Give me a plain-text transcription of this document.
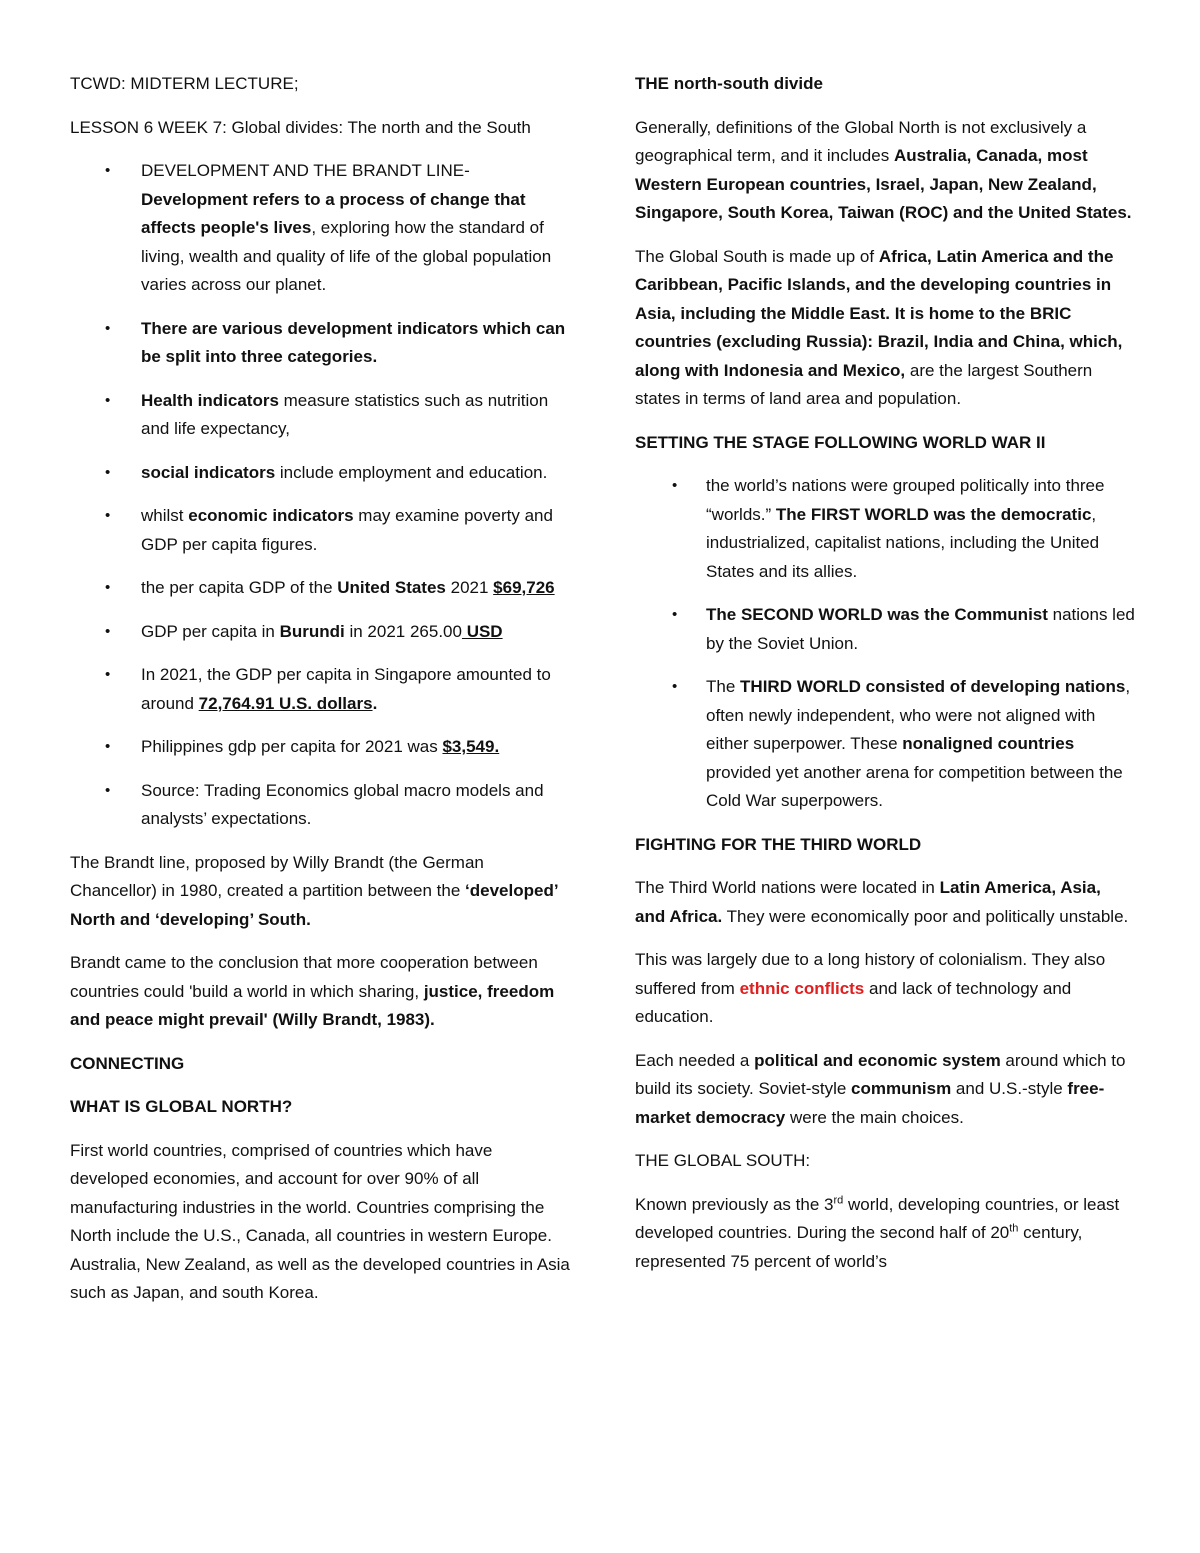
TCWD: MIDTERM LECTURE;

LESSON 6 WEEK 7: Global divides: The north and the South

• DEVELOPMENT AND THE BRANDT LINE- Development refers to a process of change that affects people's lives, exploring how the standard of living, wealth and quality of life of the global population varies across our planet.
• There are various development indicators which can be split into three categories.
• Health indicators measure statistics such as nutrition and life expectancy,
• social indicators include employment and education.
• whilst economic indicators may examine poverty and GDP per capita figures.
• the per capita GDP of the United States 2021 $69,726
• GDP per capita in Burundi in 2021 265.00 USD
• In 2021, the GDP per capita in Singapore amounted to around 72,764.91 U.S. dollars.
• Philippines gdp per capita for 2021 was $3,549.
• Source: Trading Economics global macro models and analysts’ expectations.

The Brandt line, proposed by Willy Brandt (the German Chancellor) in 1980, created a partition between the ‘developed’ North and ‘developing’ South.

Brandt came to the conclusion that more cooperation between countries could 'build a world in which sharing, justice, freedom and peace might prevail' (Willy Brandt, 1983).

CONNECTING

WHAT IS GLOBAL NORTH?

First world countries, comprised of countries which have developed economies, and account for over 90% of all manufacturing industries in the world. Countries comprising the North include the U.S., Canada, all countries in western Europe. Australia, New Zealand, as well as the developed countries in Asia such as Japan, and south Korea.

THE north-south divide

Generally, definitions of the Global North is not exclusively a geographical term, and it includes Australia, Canada, most Western European countries, Israel, Japan, New Zealand, Singapore, South Korea, Taiwan (ROC) and the United States.

The Global South is made up of Africa, Latin America and the Caribbean, Pacific Islands, and the developing countries in Asia, including the Middle East. It is home to the BRIC countries (excluding Russia): Brazil, India and China, which, along with Indonesia and Mexico, are the largest Southern states in terms of land area and population.

SETTING THE STAGE FOLLOWING WORLD WAR II

• the world’s nations were grouped politically into three “worlds.” The FIRST WORLD was the democratic, industrialized, capitalist nations, including the United States and its allies.
• The SECOND WORLD was the Communist nations led by the Soviet Union.
• The THIRD WORLD consisted of developing nations, often newly independent, who were not aligned with either superpower. These nonaligned countries provided yet another arena for competition between the Cold War superpowers.

FIGHTING FOR THE THIRD WORLD

The Third World nations were located in Latin America, Asia, and Africa. They were economically poor and politically unstable.

This was largely due to a long history of colonialism. They also suffered from ethnic conflicts and lack of technology and education.

Each needed a political and economic system around which to build its society. Soviet-style communism and U.S.-style free-market democracy were the main choices.

THE GLOBAL SOUTH:

Known previously as the 3rd world, developing countries, or least developed countries. During the second half of 20th century, represented 75 percent of world’s
